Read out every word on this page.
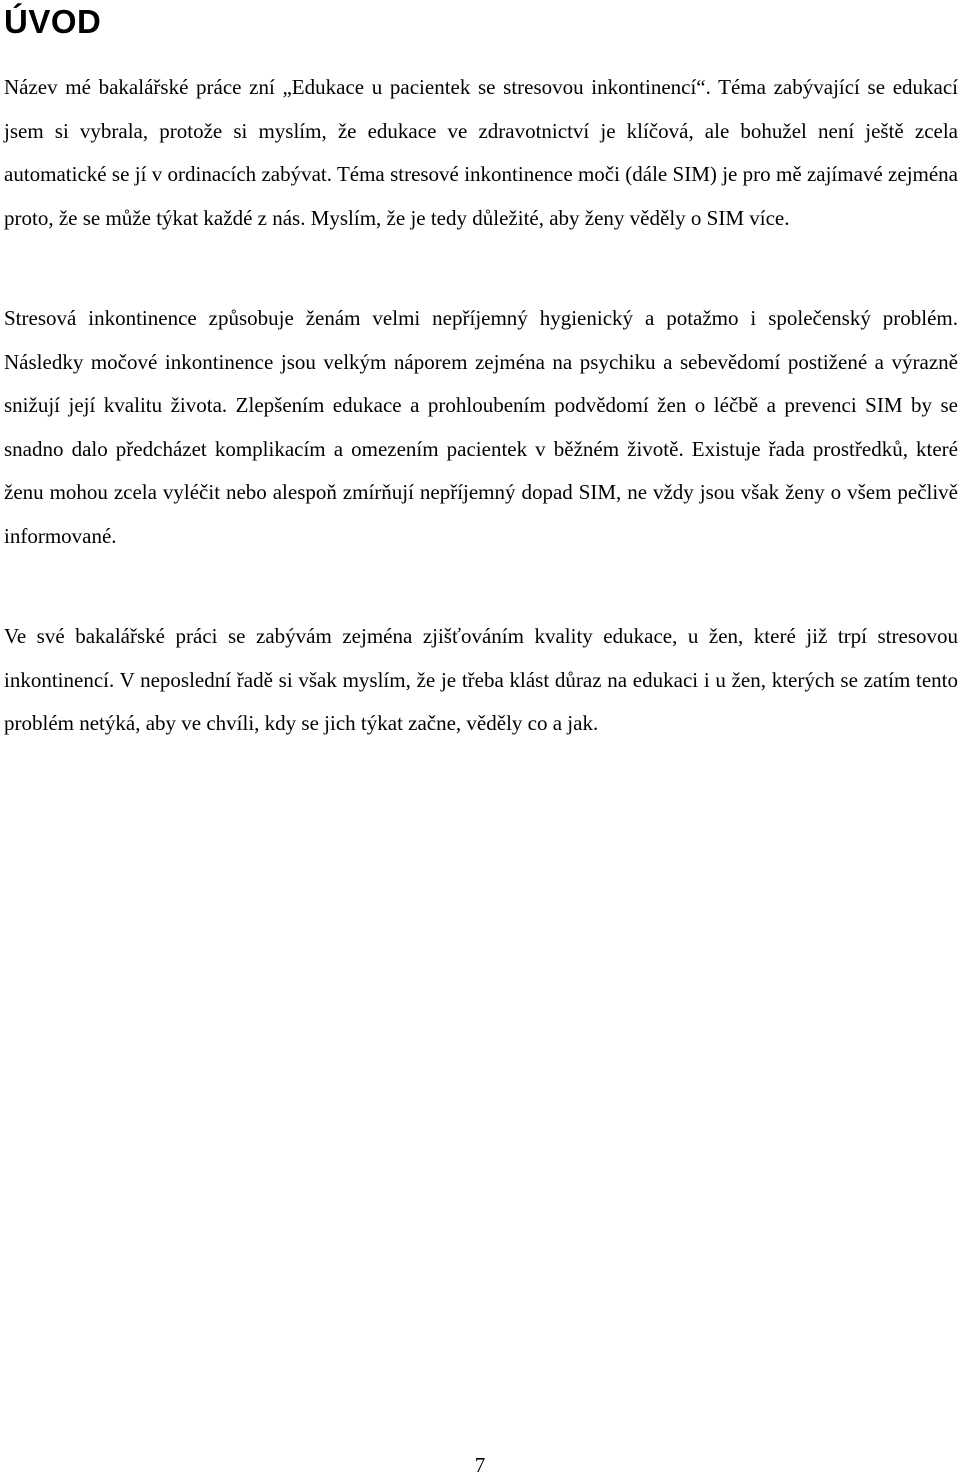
ÚVOD

Název mé bakalářské práce zní „Edukace u pacientek se stresovou inkontinencí“. Téma zabývající se edukací jsem si vybrala, protože si myslím, že edukace ve zdravotnictví je klíčová, ale bohužel není ještě zcela automatické se jí v ordinacích zabývat. Téma stresové inkontinence moči (dále SIM) je pro mě zajímavé zejména proto, že se může týkat každé z nás. Myslím, že je tedy důležité, aby ženy věděly o SIM více.

Stresová inkontinence způsobuje ženám velmi nepříjemný hygienický a potažmo i společenský problém. Následky močové inkontinence jsou velkým náporem zejména na psychiku a sebevědomí postižené a výrazně snižují její kvalitu života. Zlepšením edukace a prohloubením podvědomí žen o léčbě a prevenci SIM by se snadno dalo předcházet komplikacím a omezením pacientek v běžném životě. Existuje řada prostředků, které ženu mohou zcela vyléčit nebo alespoň zmírňují nepříjemný dopad SIM, ne vždy jsou však ženy o všem pečlivě informované.

Ve své bakalářské práci se zabývám zejména zjišťováním kvality edukace, u žen, které již trpí stresovou inkontinencí. V neposlední řadě si však myslím, že je třeba klást důraz na edukaci i u žen, kterých se zatím tento problém netýká, aby ve chvíli, kdy se jich týkat začne, věděly co a jak.

7
